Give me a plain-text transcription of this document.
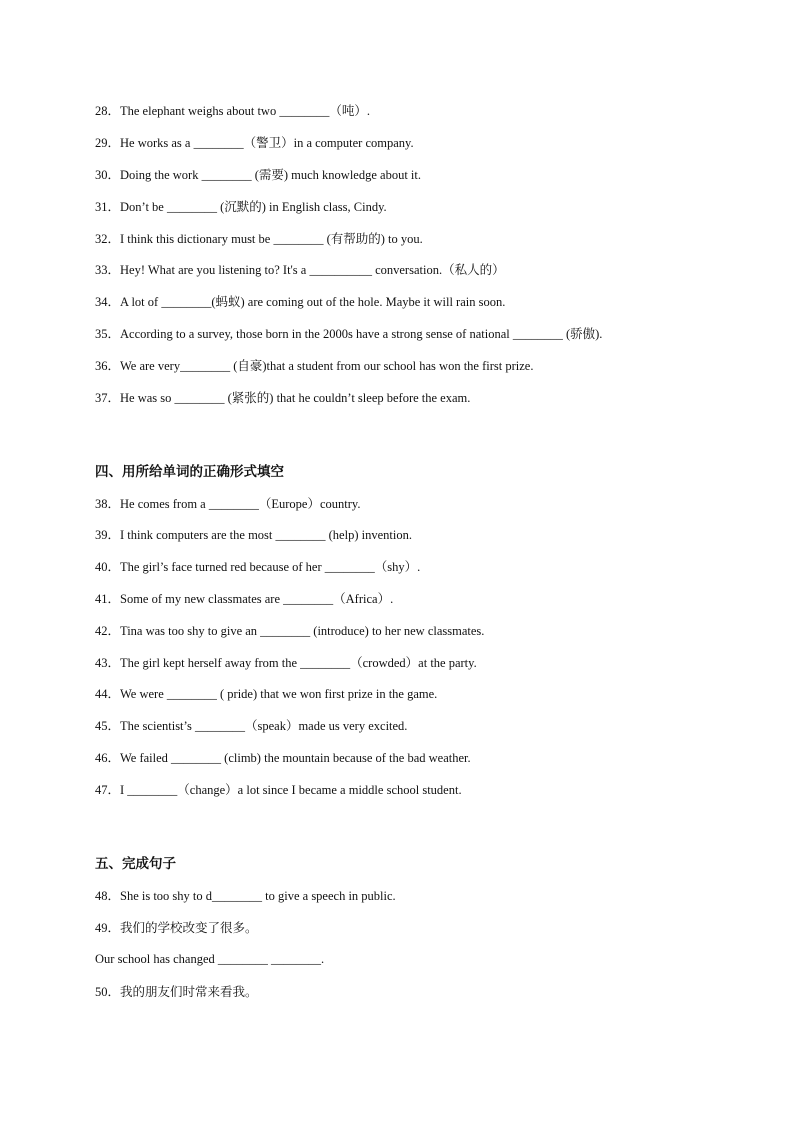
28．The elephant weighs about two ________（吨）.
29．He works as a ________（警卫）in a computer company.
30．Doing the work ________ (需要) much knowledge about it.
31．Don’t be ________ (沉默的) in English class, Cindy.
32．I think this dictionary must be ________ (有帮助的) to you.
33．Hey! What are you listening to? It's a __________ conversation.（私人的）
34．A lot of ________(蚂蚁) are coming out of the hole. Maybe it will rain soon.
35．According to a survey, those born in the 2000s have a strong sense of national ________ (骄傲).
36．We are very________ (自豪)that a student from our school has won the first prize.
37．He was so ________ (紧张的) that he couldn’t sleep before the exam.
四、用所给单词的正确形式填空
38．He comes from a ________（Europe）country.
39．I think computers are the most ________ (help) invention.
40．The girl’s face turned red because of her ________（shy）.
41．Some of my new classmates are ________（Africa）.
42．Tina was too shy to give an ________ (introduce) to her new classmates.
43．The girl kept herself away from the ________（crowded）at the party.
44．We were ________ ( pride) that we won first prize in the game.
45．The scientist’s ________（speak）made us very excited.
46．We failed ________ (climb) the mountain because of the bad weather.
47．I ________（change）a lot since I became a middle school student.
五、完成句子
48．She is too shy to d________ to give a speech in public.
49．我们的学校改变了很多。
Our school has changed ________ ________.
50．我的朋友们时常来看我。
